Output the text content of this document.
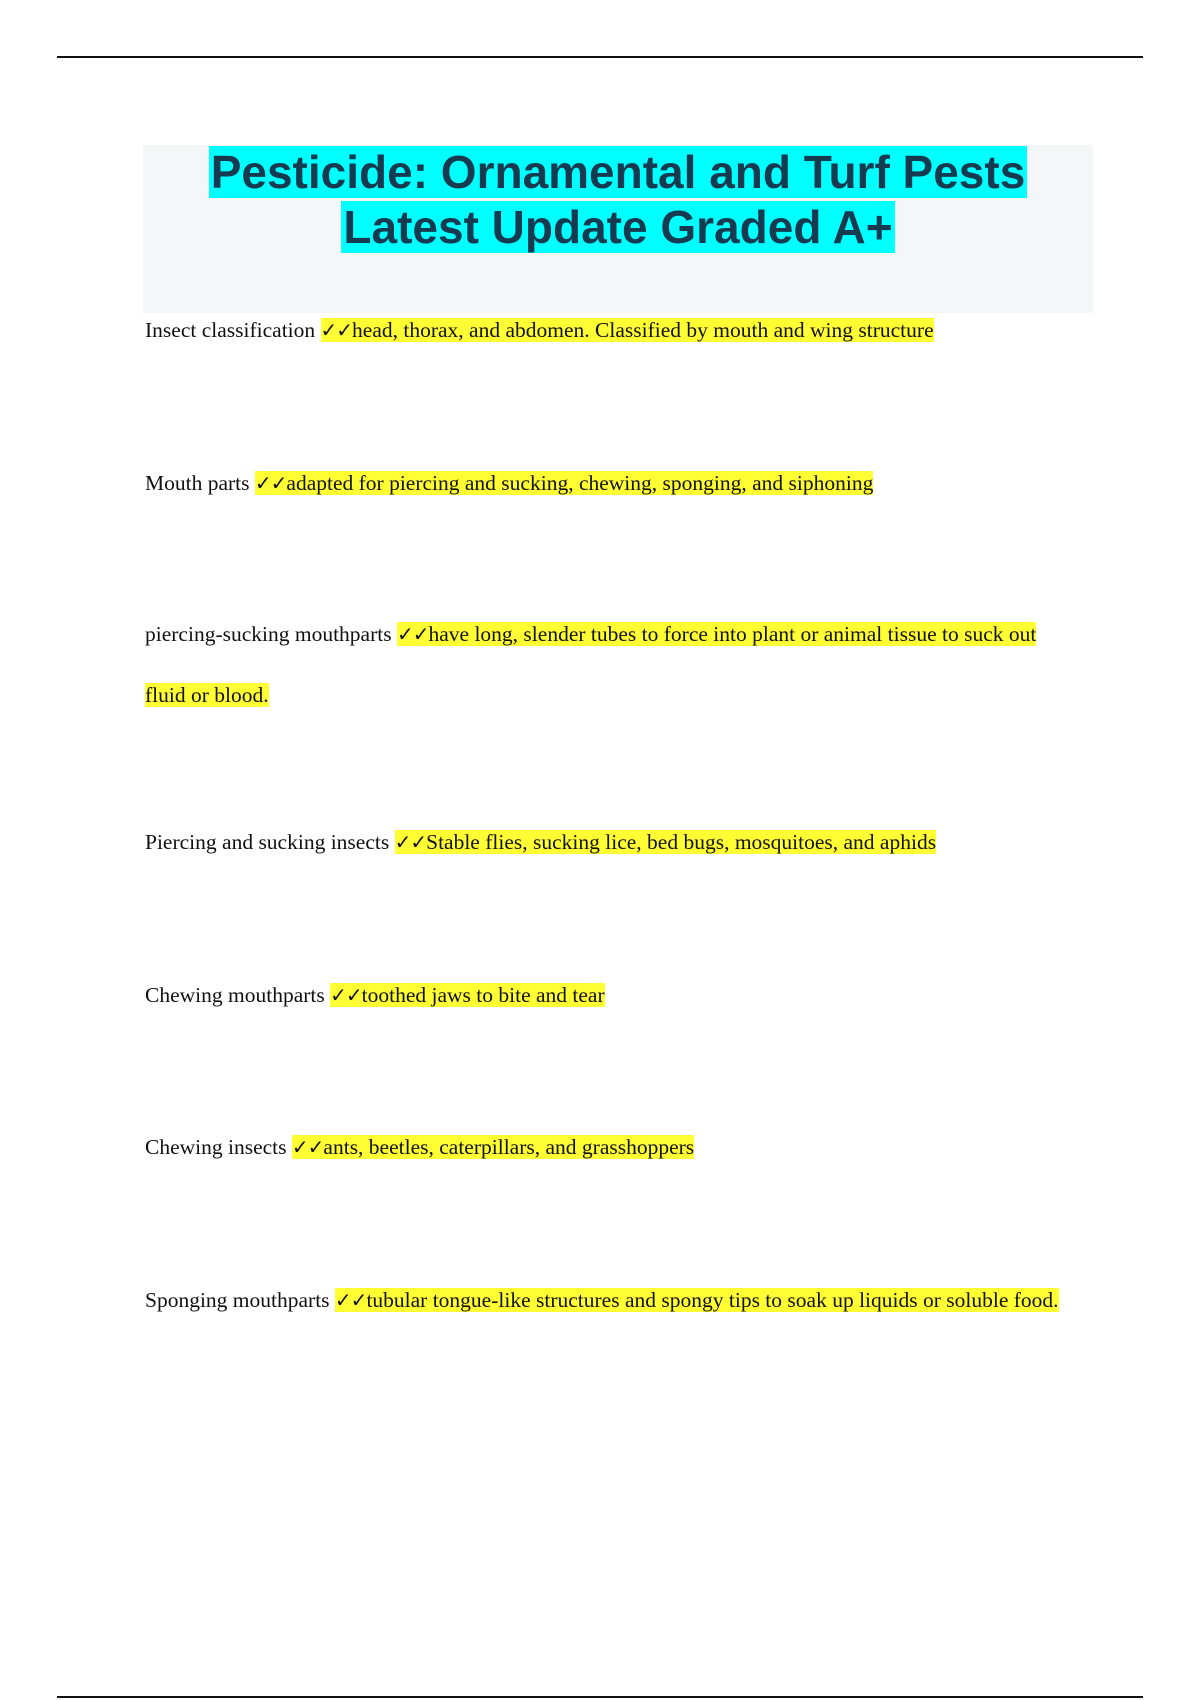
Pesticide: Ornamental and Turf Pests
Latest Update Graded A+

Insect classification ✓✓head, thorax, and abdomen. Classified by mouth and wing structure

Mouth parts ✓✓adapted for piercing and sucking, chewing, sponging, and siphoning

piercing-sucking mouthparts ✓✓have long, slender tubes to force into plant or animal tissue to suck out fluid or blood.

Piercing and sucking insects ✓✓Stable flies, sucking lice, bed bugs, mosquitoes, and aphids

Chewing mouthparts ✓✓toothed jaws to bite and tear

Chewing insects ✓✓ants, beetles, caterpillars, and grasshoppers

Sponging mouthparts ✓✓tubular tongue-like structures and spongy tips to soak up liquids or soluble food.
